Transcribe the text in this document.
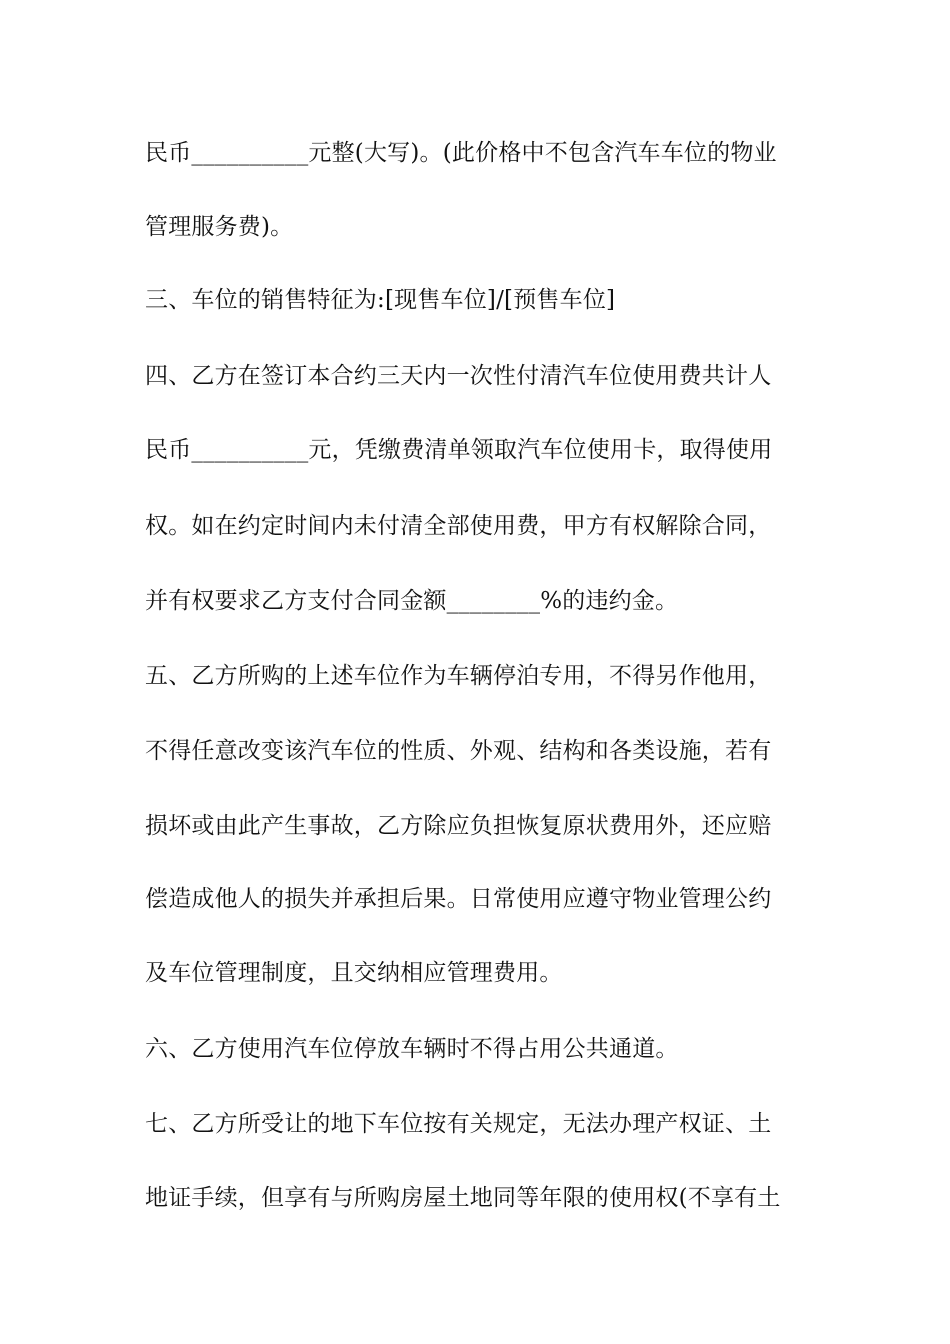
民币__________元整(大写)。(此价格中不包含汽车车位的物业
管理服务费)。
三、车位的销售特征为:[现售车位]/[预售车位]
四、乙方在签订本合约三天内一次性付清汽车位使用费共计人
民币__________元，凭缴费清单领取汽车位使用卡，取得使用
权。如在约定时间内未付清全部使用费，甲方有权解除合同，
并有权要求乙方支付合同金额________%的违约金。
五、乙方所购的上述车位作为车辆停泊专用，不得另作他用，
不得任意改变该汽车位的性质、外观、结构和各类设施，若有
损坏或由此产生事故，乙方除应负担恢复原状费用外，还应赔
偿造成他人的损失并承担后果。日常使用应遵守物业管理公约
及车位管理制度，且交纳相应管理费用。
六、乙方使用汽车位停放车辆时不得占用公共通道。
七、乙方所受让的地下车位按有关规定，无法办理产权证、土
地证手续，但享有与所购房屋土地同等年限的使用权(不享有土
